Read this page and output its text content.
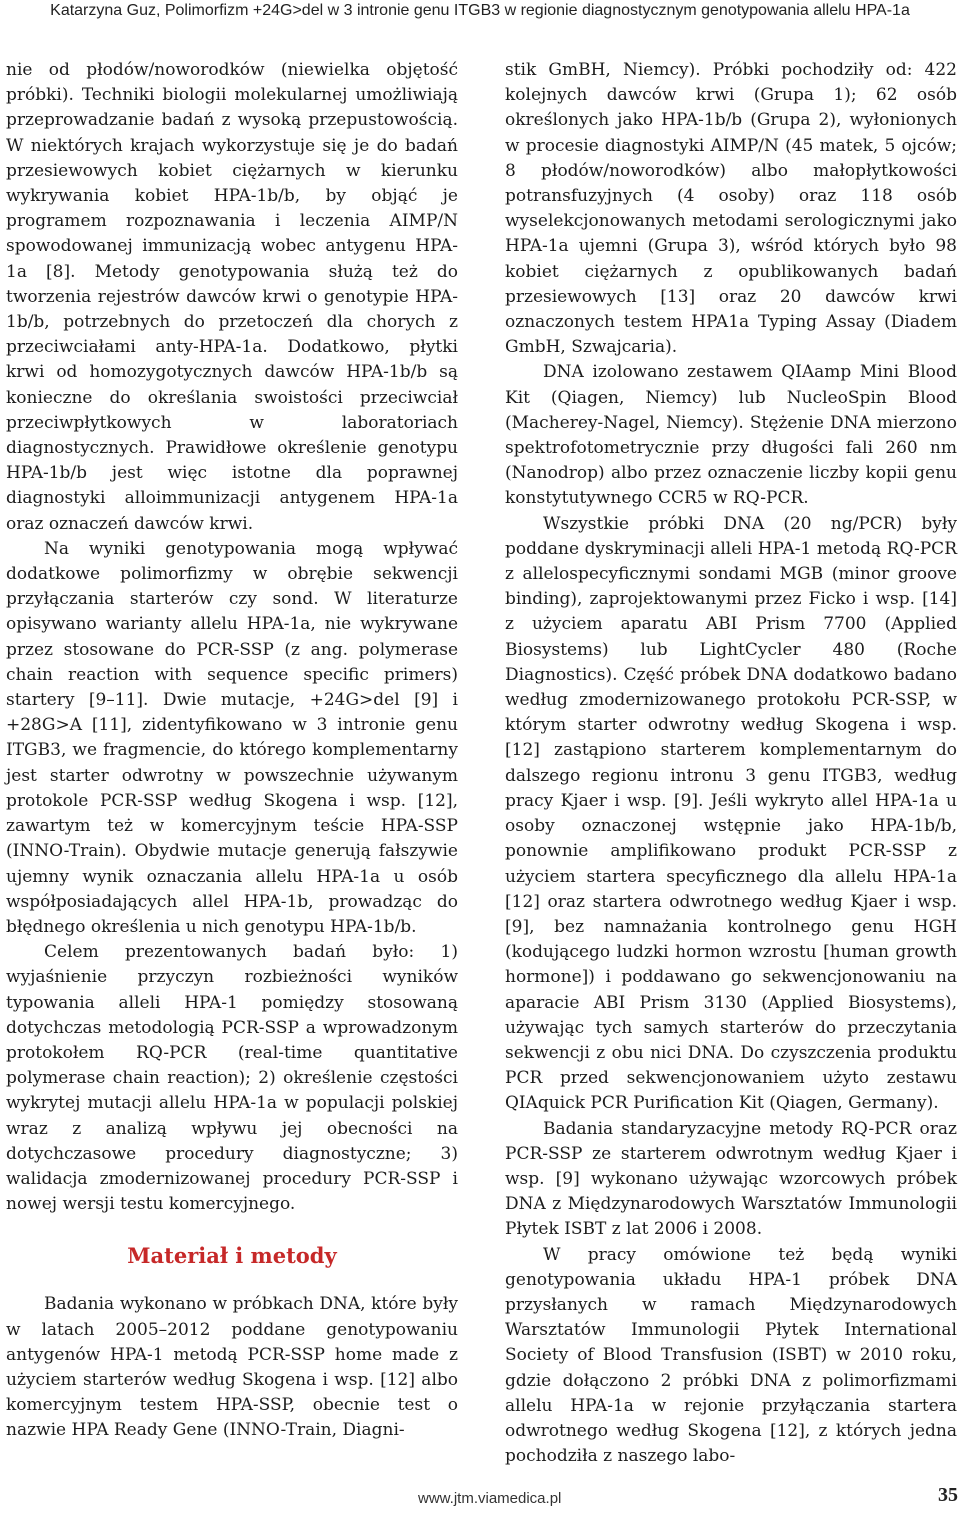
Katarzyna Guz, Polimorfizm +24G>del w 3 intronie genu ITGB3 w regionie diagnostycznym genotypowania allelu HPA-1a

nie od płodów/noworodków (niewielka objętość próbki). Techniki biologii molekularnej umożliwiają przeprowadzanie badań z wysoką przepustowością. W niektórych krajach wykorzystuje się je do badań przesiewowych kobiet ciężarnych w kierunku wykrywania kobiet HPA-1b/b, by objąć je programem rozpoznawania i leczenia AIMP/N spowodowanej immunizacją wobec antygenu HPA-1a [8]. Metody genotypowania służą też do tworzenia rejestrów dawców krwi o genotypie HPA-1b/b, potrzebnych do przetoczeń dla chorych z przeciwciałami anty-HPA-1a. Dodatkowo, płytki krwi od homozygotycznych dawców HPA-1b/b są konieczne do określania swoistości przeciwciał przeciwpłytkowych w laboratoriach diagnostycznych. Prawidłowe określenie genotypu HPA-1b/b jest więc istotne dla poprawnej diagnostyki alloimmunizacji antygenem HPA-1a oraz oznaczeń dawców krwi.

Na wyniki genotypowania mogą wpływać dodatkowe polimorfizmy w obrębie sekwencji przyłączania starterów czy sond. W literaturze opisywano warianty allelu HPA-1a, nie wykrywane przez stosowane do PCR-SSP (z ang. polymerase chain reaction with sequence specific primers) startery [9–11]. Dwie mutacje, +24G>del [9] i +28G>A [11], zidentyfikowano w 3 intronie genu ITGB3, we fragmencie, do którego komplementarny jest starter odwrotny w powszechnie używanym protokole PCR-SSP według Skogena i wsp. [12], zawartym też w komercyjnym teście HPA-SSP (INNO-Train). Obydwie mutacje generują fałszywie ujemny wynik oznaczania allelu HPA-1a u osób współposiadających allel HPA-1b, prowadząc do błędnego określenia u nich genotypu HPA-1b/b.

Celem prezentowanych badań było: 1) wyjaśnienie przyczyn rozbieżności wyników typowania alleli HPA-1 pomiędzy stosowaną dotychczas metodologią PCR-SSP a wprowadzonym protokołem RQ-PCR (real-time quantitative polymerase chain reaction); 2) określenie częstości wykrytej mutacji allelu HPA-1a w populacji polskiej wraz z analizą wpływu jej obecności na dotychczasowe procedury diagnostyczne; 3) walidacja zmodernizowanej procedury PCR-SSP i nowej wersji testu komercyjnego.

Materiał i metody

Badania wykonano w próbkach DNA, które były w latach 2005–2012 poddane genotypowaniu antygenów HPA-1 metodą PCR-SSP home made z użyciem starterów według Skogena i wsp. [12] albo komercyjnym testem HPA-SSP, obecnie test o nazwie HPA Ready Gene (INNO-Train, Diagni-

stik GmBH, Niemcy). Próbki pochodziły od: 422 kolejnych dawców krwi (Grupa 1); 62 osób określonych jako HPA-1b/b (Grupa 2), wyłonionych w procesie diagnostyki AIMP/N (45 matek, 5 ojców; 8 płodów/noworodków) albo małopłytkowości potransfuzyjnych (4 osoby) oraz 118 osób wyselekcjonowanych metodami serologicznymi jako HPA-1a ujemni (Grupa 3), wśród których było 98 kobiet ciężarnych z opublikowanych badań przesiewowych [13] oraz 20 dawców krwi oznaczonych testem HPA1a Typing Assay (Diadem GmbH, Szwajcaria).

DNA izolowano zestawem QIAamp Mini Blood Kit (Qiagen, Niemcy) lub NucleoSpin Blood (Macherey-Nagel, Niemcy). Stężenie DNA mierzono spektrofotometrycznie przy długości fali 260 nm (Nanodrop) albo przez oznaczenie liczby kopii genu konstytutywnego CCR5 w RQ-PCR.

Wszystkie próbki DNA (20 ng/PCR) były poddane dyskryminacji alleli HPA-1 metodą RQ-PCR z allelospecyficznymi sondami MGB (minor groove binding), zaprojektowanymi przez Ficko i wsp. [14] z użyciem aparatu ABI Prism 7700 (Applied Biosystems) lub LightCycler 480 (Roche Diagnostics). Część próbek DNA dodatkowo badano według zmodernizowanego protokołu PCR-SSP, w którym starter odwrotny według Skogena i wsp. [12] zastąpiono starterem komplementarnym do dalszego regionu intronu 3 genu ITGB3, według pracy Kjaer i wsp. [9]. Jeśli wykryto allel HPA-1a u osoby oznaczonej wstępnie jako HPA-1b/b, ponownie amplifikowano produkt PCR-SSP z użyciem startera specyficznego dla allelu HPA-1a [12] oraz startera odwrotnego według Kjaer i wsp. [9], bez namnażania kontrolnego genu HGH (kodującego ludzki hormon wzrostu [human growth hormone]) i poddawano go sekwencjonowaniu na aparacie ABI Prism 3130 (Applied Biosystems), używając tych samych starterów do przeczytania sekwencji z obu nici DNA. Do czyszczenia produktu PCR przed sekwencjonowaniem użyto zestawu QIAquick PCR Purification Kit (Qiagen, Germany).

Badania standaryzacyjne metody RQ-PCR oraz PCR-SSP ze starterem odwrotnym według Kjaer i wsp. [9] wykonano używając wzorcowych próbek DNA z Międzynarodowych Warsztatów Immunologii Płytek ISBT z lat 2006 i 2008.

W pracy omówione też będą wyniki genotypowania układu HPA-1 próbek DNA przysłanych w ramach Międzynarodowych Warsztatów Immunologii Płytek International Society of Blood Transfusion (ISBT) w 2010 roku, gdzie dołączono 2 próbki DNA z polimorfizmami allelu HPA-1a w rejonie przyłączania startera odwrotnego według Skogena [12], z których jedna pochodziła z naszego labo-

www.jtm.viamedica.pl	35
